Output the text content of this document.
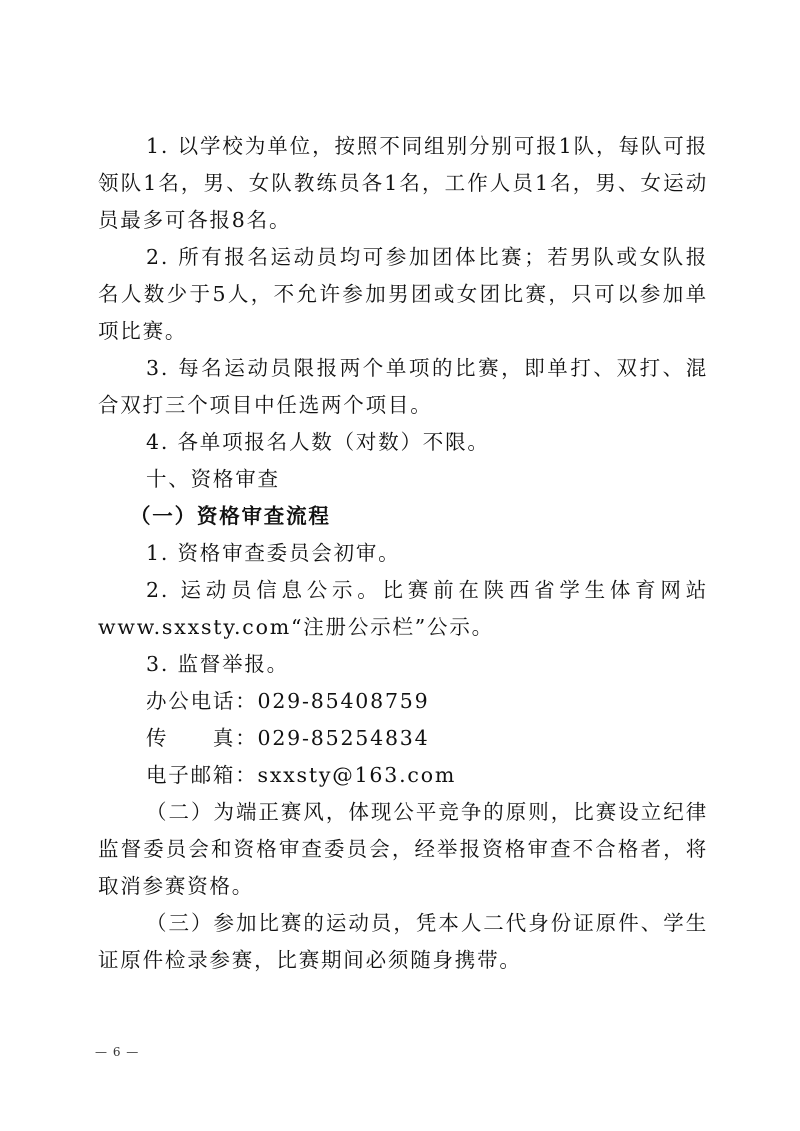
1. 以学校为单位，按照不同组别分别可报1队，每队可报领队1名，男、女队教练员各1名，工作人员1名，男、女运动员最多可各报8名。

2. 所有报名运动员均可参加团体比赛；若男队或女队报名人数少于5人，不允许参加男团或女团比赛，只可以参加单项比赛。

3. 每名运动员限报两个单项的比赛，即单打、双打、混合双打三个项目中任选两个项目。

4. 各单项报名人数（对数）不限。

十、资格审查

（一）资格审查流程

1. 资格审查委员会初审。

2. 运动员信息公示。比赛前在陕西省学生体育网站www.sxxsty.com“注册公示栏”公示。

3. 监督举报。

办公电话：029-85408759

传　　真：029-85254834

电子邮箱：sxxsty@163.com

（二）为端正赛风，体现公平竞争的原则，比赛设立纪律监督委员会和资格审查委员会，经举报资格审查不合格者，将取消参赛资格。

（三）参加比赛的运动员，凭本人二代身份证原件、学生证原件检录参赛，比赛期间必须随身携带。

— 6 —
